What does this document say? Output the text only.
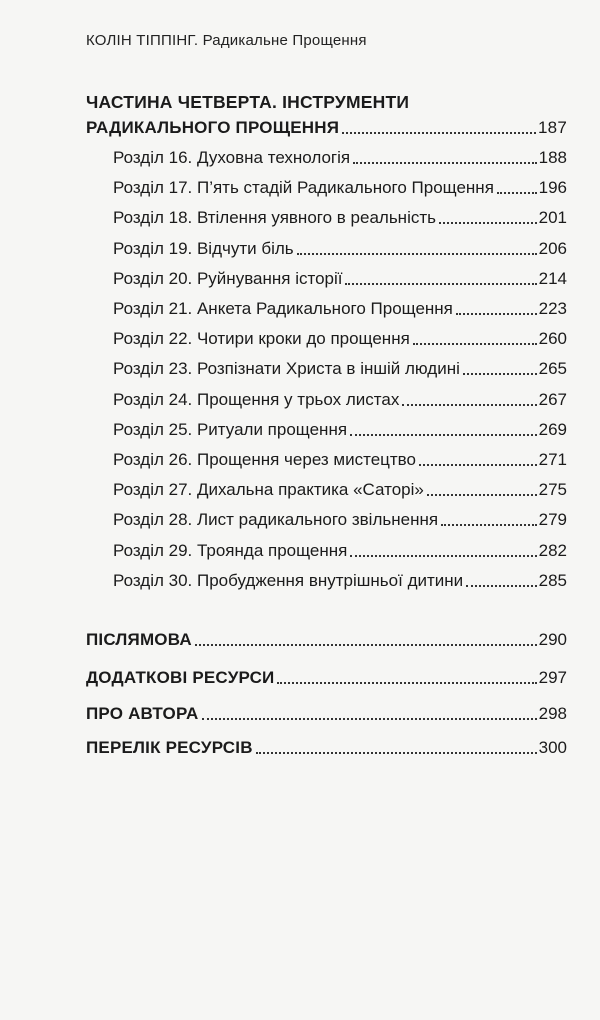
КОЛІН ТІППІНГ. Радикальне Прощення
ЧАСТИНА ЧЕТВЕРТА. ІНСТРУМЕНТИ
РАДИКАЛЬНОГО ПРОЩЕННЯ	187
Розділ 16. Духовна технологія	188
Розділ 17. П’ять стадій Радикального Прощення	196
Розділ 18. Втілення уявного в реальність	201
Розділ 19. Відчути біль	206
Розділ 20. Руйнування історії	214
Розділ 21. Анкета Радикального Прощення	223
Розділ 22. Чотири кроки до прощення	260
Розділ 23. Розпізнати Христа в іншій людині	265
Розділ 24. Прощення у трьох листах	267
Розділ 25. Ритуали прощення	269
Розділ 26. Прощення через мистецтво	271
Розділ 27. Дихальна практика «Саторі»	275
Розділ 28. Лист радикального звільнення	279
Розділ 29. Троянда прощення	282
Розділ 30. Пробудження внутрішньої дитини	285
ПІСЛЯМОВА	290
ДОДАТКОВІ РЕСУРСИ	297
ПРО АВТОРА	298
ПЕРЕЛІК РЕСУРСІВ	300
